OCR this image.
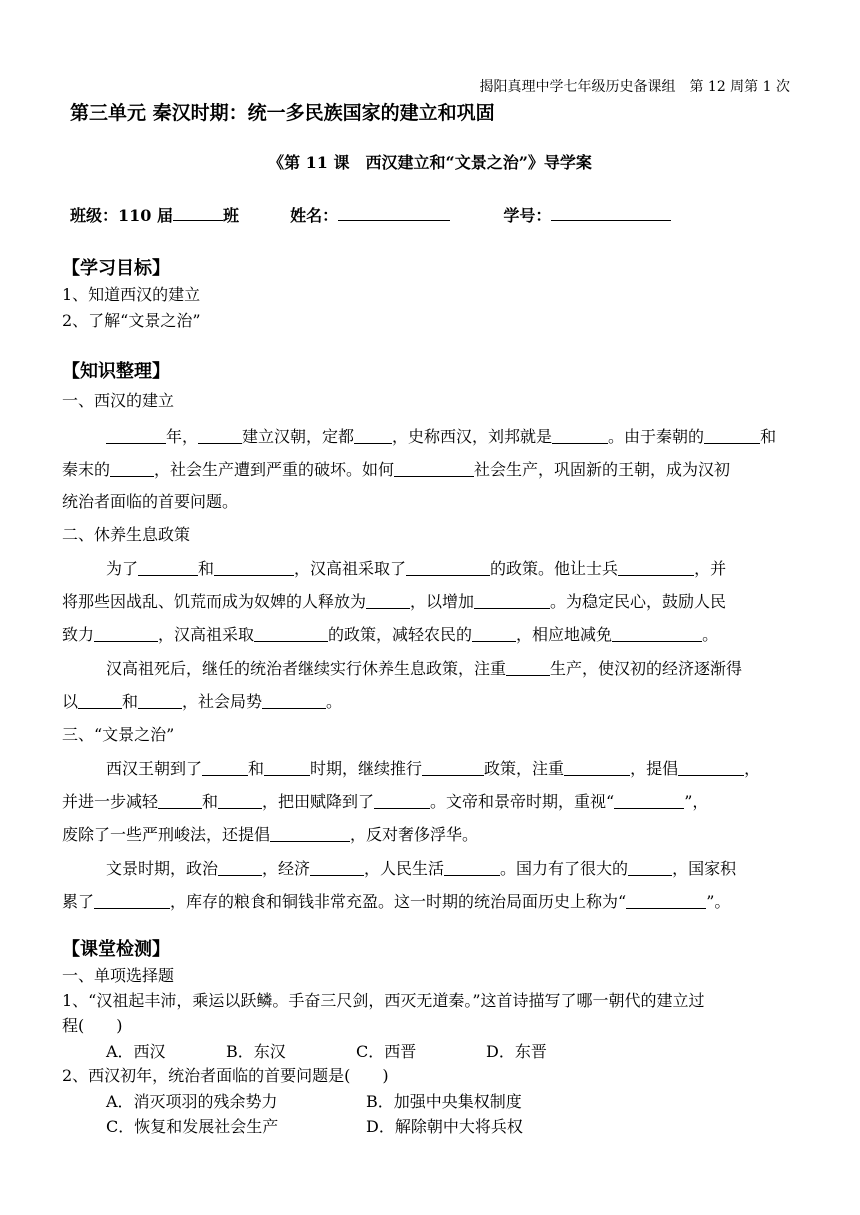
揭阳真理中学七年级历史备课组　第 12 周第 1 次
第三单元 秦汉时期：统一多民族国家的建立和巩固
《第 11 课　西汉建立和“文景之治”》导学案
班级：110 届	班	姓名：	学号：
【学习目标】
1、知道西汉的建立
2、了解“文景之治”
【知识整理】
一、西汉的建立
年，	建立汉朝，定都 ，史称西汉，刘邦就是	。由于秦朝的	和
秦末的	，社会生产遭到严重的破坏。如何	社会生产，巩固新的王朝，成为汉初
统治者面临的首要问题。
二、休养生息政策
为了	和	，汉高祖采取了	的政策。他让士兵	，并
将那些因战乱、饥荒而成为奴婢的人释放为	，以增加	。为稳定民心，鼓励人民
致力	，汉高祖采取	的政策，减轻农民的	，相应地减免	。
汉高祖死后，继任的统治者继续实行休养生息政策，注重	生产，使汉初的经济逐渐得
以	和	，社会局势	。
三、“文景之治”
西汉王朝到了	和	时期，继续推行	政策，注重	，提倡	，
并进一步减轻	和	，把田赋降到了	。文帝和景帝时期，重视“	”，
废除了一些严刑峻法，还提倡	，反对奢侈浮华。
文景时期，政治	，经济	，人民生活	。国力有了很大的	，国家积
累了	，库存的粮食和铜钱非常充盈。这一时期的统治局面历史上称为“	”。
【课堂检测】
一、单项选择题
1、“汉祖起丰沛，乘运以跃鳞。手奋三尺剑，西灭无道秦。”这首诗描写了哪一朝代的建立过
程(　　)
A．西汉	B．东汉	C．西晋	D．东晋
2、西汉初年，统治者面临的首要问题是(　　)
A．消灭项羽的残余势力	B．加强中央集权制度
C．恢复和发展社会生产	D．解除朝中大将兵权
